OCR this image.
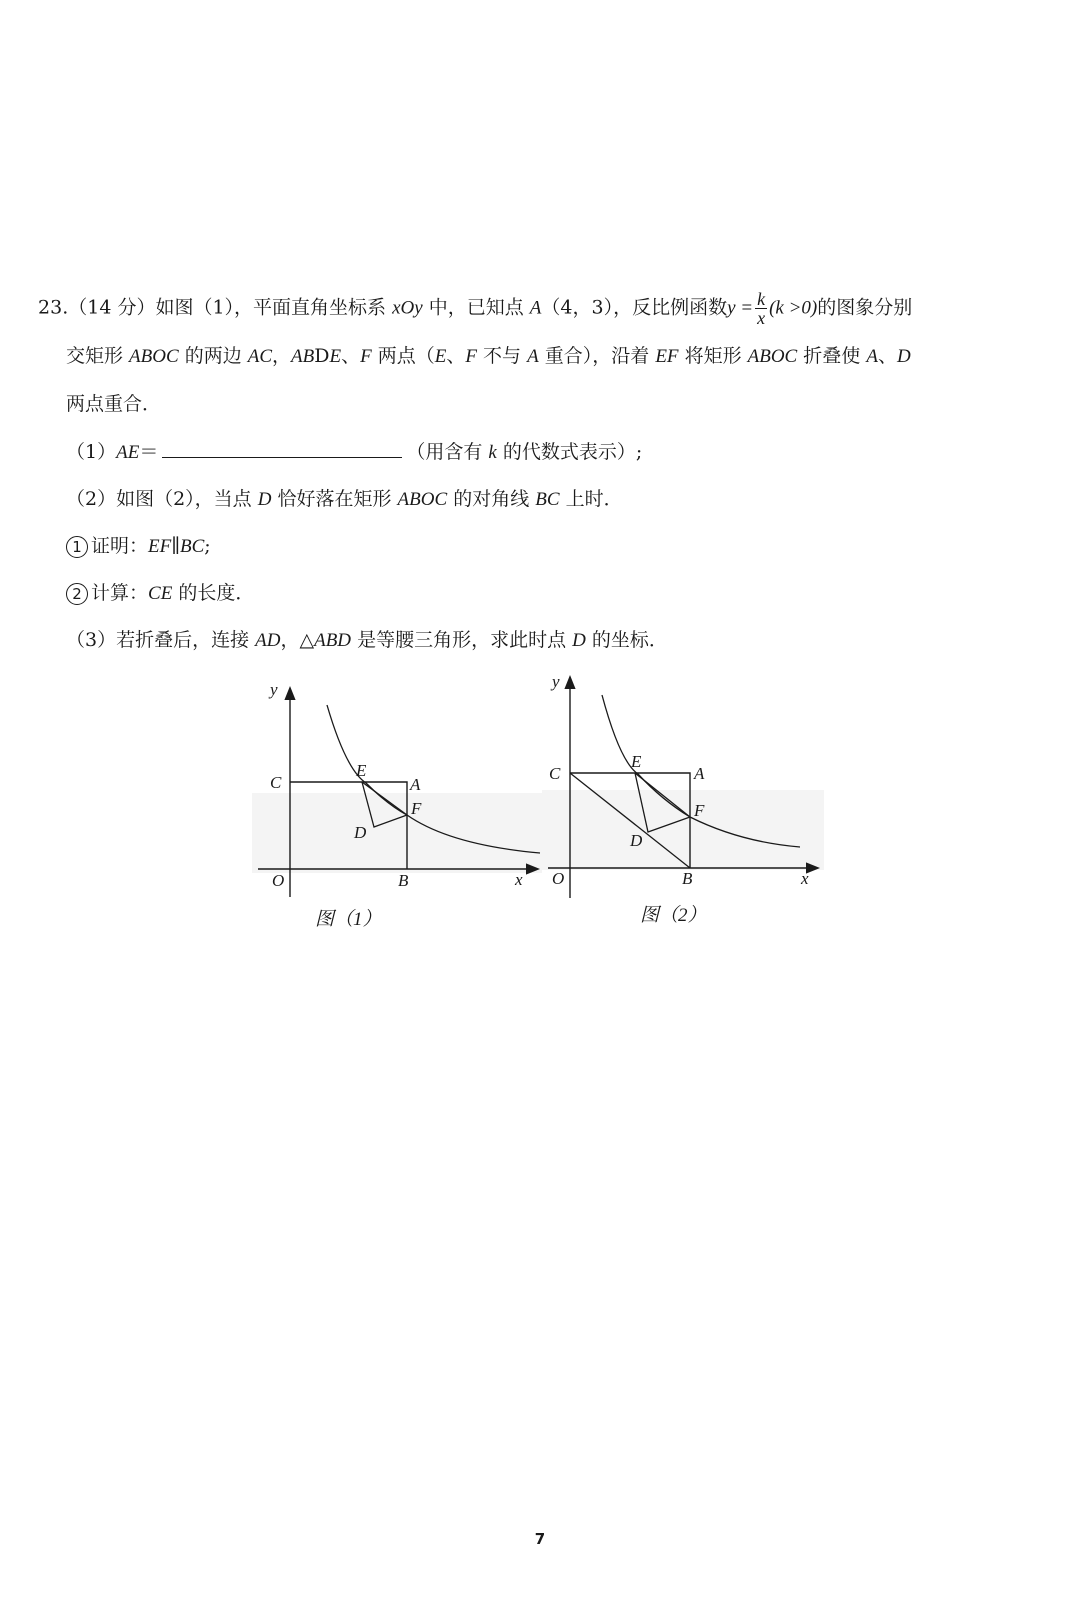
23.（14 分）如图（1），平面直角坐标系 xOy 中，已知点 A（4，3），反比例函数$y = \frac{k}{x} (k >0)$的图象分别
交矩形 ABOC 的两边 AC，ABDE、F 两点（E、F 不与 A 重合），沿着 EF 将矩形 ABOC 折叠使 A、D
两点重合．
（1）AE＝	（用含有 k 的代数式表示）;
（2）如图（2），当点 D 恰好落在矩形 ABOC 的对角线 BC 上时．
1 证明：EF∥BC;
2 计算：CE 的长度．
（3）若折叠后，连接 AD，△ABD 是等腰三角形，求此时点 D 的坐标．
y
x
O
C
E
A
F
D
B
图（1）
y
x
O
C
E
A
F
D
B
图（2）
7
